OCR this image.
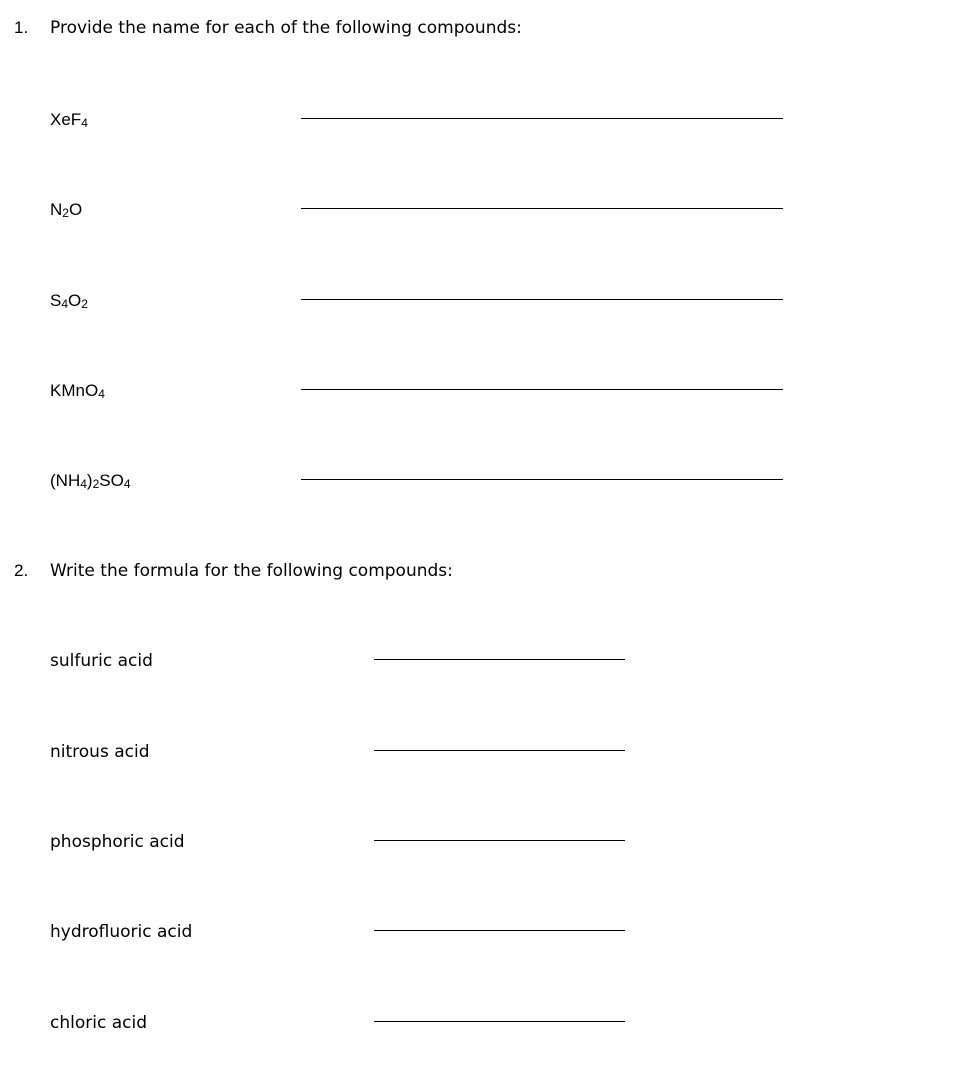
1. Provide the name for each of the following compounds:
XeF$_4$
$N_2O$
$S_4O_2$
KMnO$_4$
$(NH_4)_2SO_4$
2. Write the formula for the following compounds:
sulfuric acid
nitrous acid
phosphoric acid
hydrofluoric acid
chloric acid
